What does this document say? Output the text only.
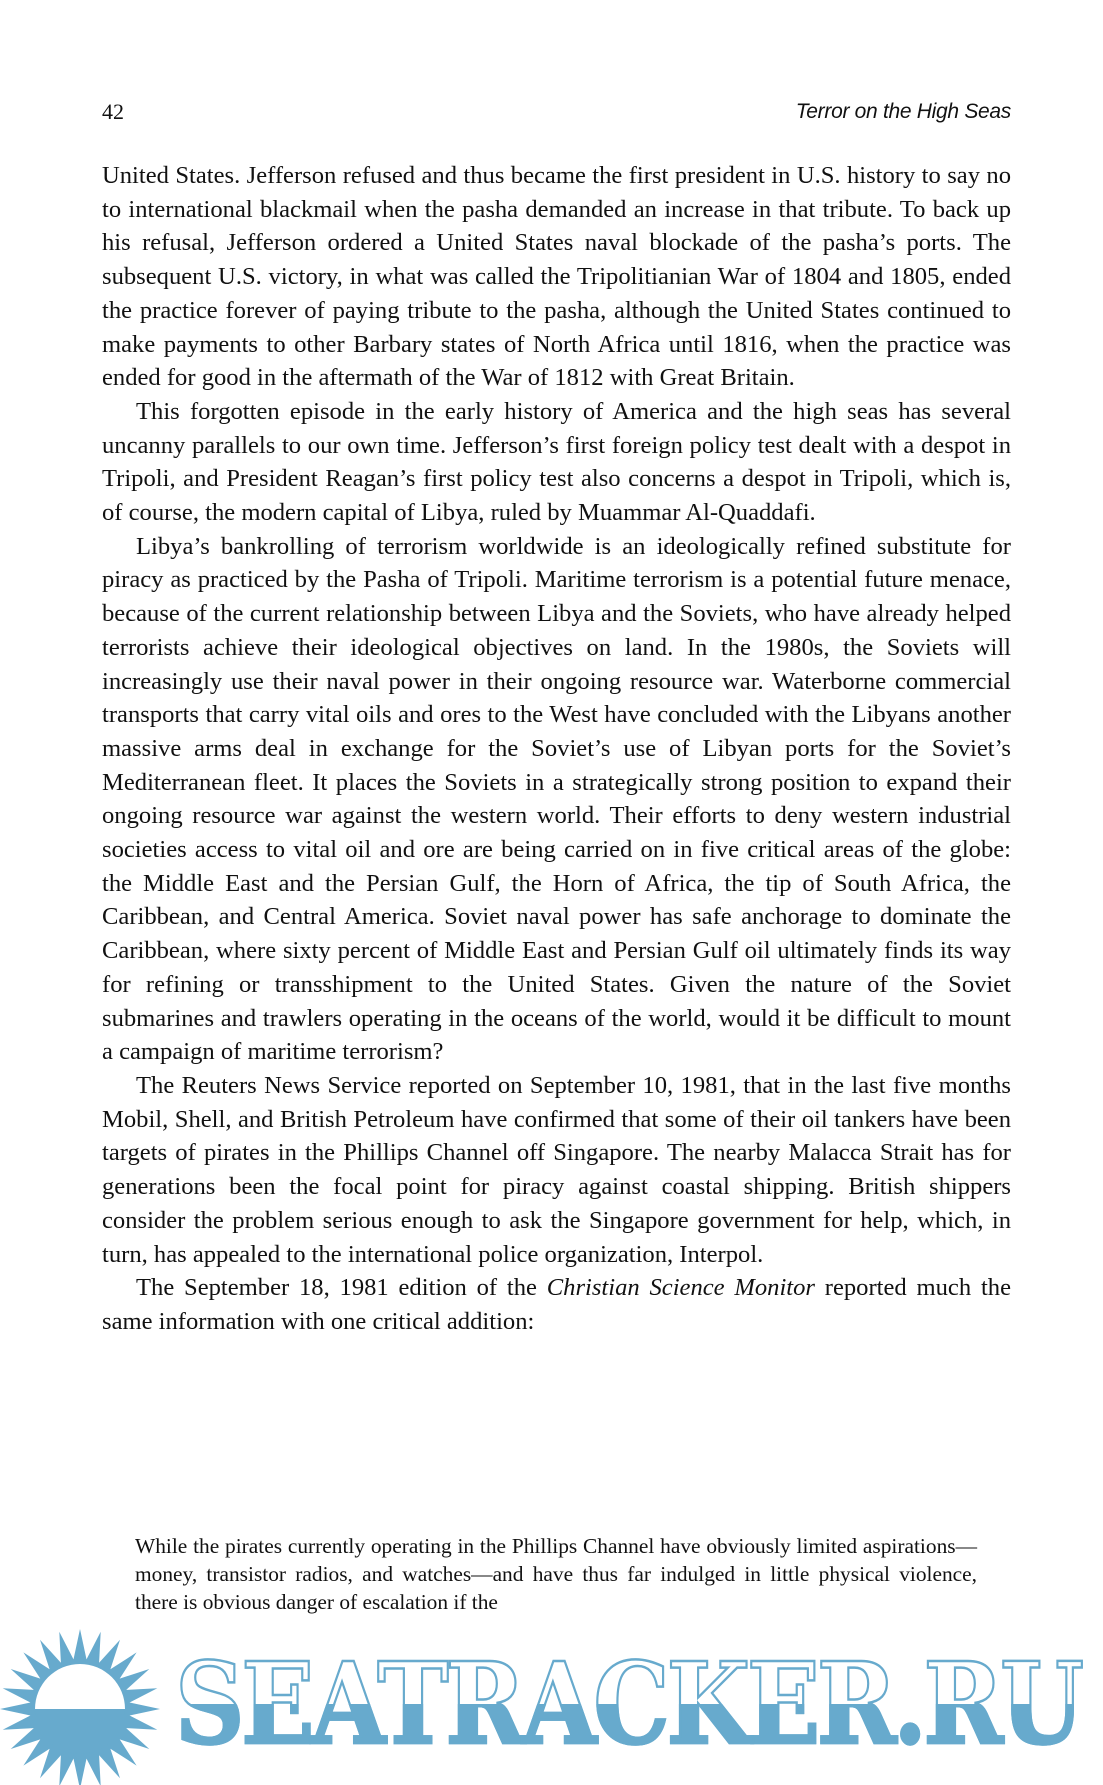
42	Terror on the High Seas

United States. Jefferson refused and thus became the first president in U.S. history to say no to international blackmail when the pasha demanded an increase in that tribute. To back up his refusal, Jefferson ordered a United States naval blockade of the pasha’s ports. The subsequent U.S. victory, in what was called the Tripolitianian War of 1804 and 1805, ended the practice forever of paying tribute to the pasha, although the United States continued to make payments to other Barbary states of North Africa until 1816, when the practice was ended for good in the aftermath of the War of 1812 with Great Britain.

This forgotten episode in the early history of America and the high seas has several uncanny parallels to our own time. Jefferson’s first foreign policy test dealt with a despot in Tripoli, and President Reagan’s first policy test also concerns a despot in Tripoli, which is, of course, the modern capital of Libya, ruled by Muammar Al-Quaddafi.

Libya’s bankrolling of terrorism worldwide is an ideologically refined substitute for piracy as practiced by the Pasha of Tripoli. Maritime terrorism is a potential future menace, because of the current relationship between Libya and the Soviets, who have already helped terrorists achieve their ideological objectives on land. In the 1980s, the Soviets will increasingly use their naval power in their ongoing resource war. Waterborne commercial transports that carry vital oils and ores to the West have concluded with the Libyans another massive arms deal in exchange for the Soviet’s use of Libyan ports for the Soviet’s Mediterranean fleet. It places the Soviets in a strategically strong position to expand their ongoing resource war against the western world. Their efforts to deny western industrial societies access to vital oil and ore are being carried on in five critical areas of the globe: the Middle East and the Persian Gulf, the Horn of Africa, the tip of South Africa, the Caribbean, and Central America. Soviet naval power has safe anchorage to dominate the Caribbean, where sixty percent of Middle East and Persian Gulf oil ultimately finds its way for refining or transshipment to the United States. Given the nature of the Soviet submarines and trawlers operating in the oceans of the world, would it be difficult to mount a campaign of maritime terrorism?

The Reuters News Service reported on September 10, 1981, that in the last five months Mobil, Shell, and British Petroleum have confirmed that some of their oil tankers have been targets of pirates in the Phillips Channel off Singapore. The nearby Malacca Strait has for generations been the focal point for piracy against coastal shipping. British shippers consider the problem serious enough to ask the Singapore government for help, which, in turn, has appealed to the international police organization, Interpol.

The September 18, 1981 edition of the Christian Science Monitor reported much the same information with one critical addition:

While the pirates currently operating in the Phillips Channel have obviously limited aspirations—money, transistor radios, and watches—and have thus far indulged in little physical violence, there is obvious danger of escalation if the

SEATRACKER.RU
